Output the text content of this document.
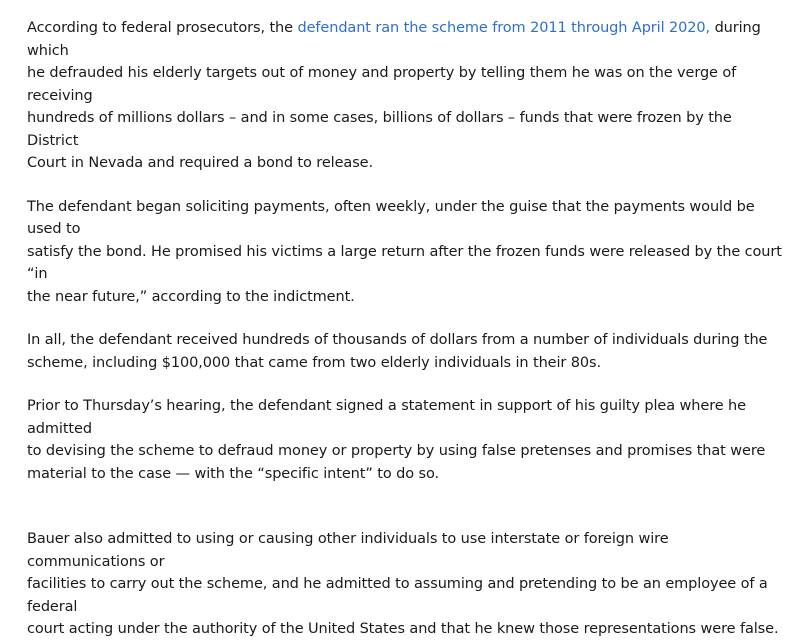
According to federal prosecutors, the defendant ran the scheme from 2011 through April 2020, during which
he defrauded his elderly targets out of money and property by telling them he was on the verge of receiving
hundreds of millions dollars – and in some cases, billions of dollars – funds that were frozen by the District
Court in Nevada and required a bond to release.

The defendant began soliciting payments, often weekly, under the guise that the payments would be used to
satisfy the bond. He promised his victims a large return after the frozen funds were released by the court “in
the near future,” according to the indictment.

In all, the defendant received hundreds of thousands of dollars from a number of individuals during the
scheme, including $100,000 that came from two elderly individuals in their 80s.

Prior to Thursday’s hearing, the defendant signed a statement in support of his guilty plea where he admitted
to devising the scheme to defraud money or property by using false pretenses and promises that were
material to the case — with the “specific intent” to do so.

Bauer also admitted to using or causing other individuals to use interstate or foreign wire communications or
facilities to carry out the scheme, and he admitted to assuming and pretending to be an employee of a federal
court acting under the authority of the United States and that he knew those representations were false.
